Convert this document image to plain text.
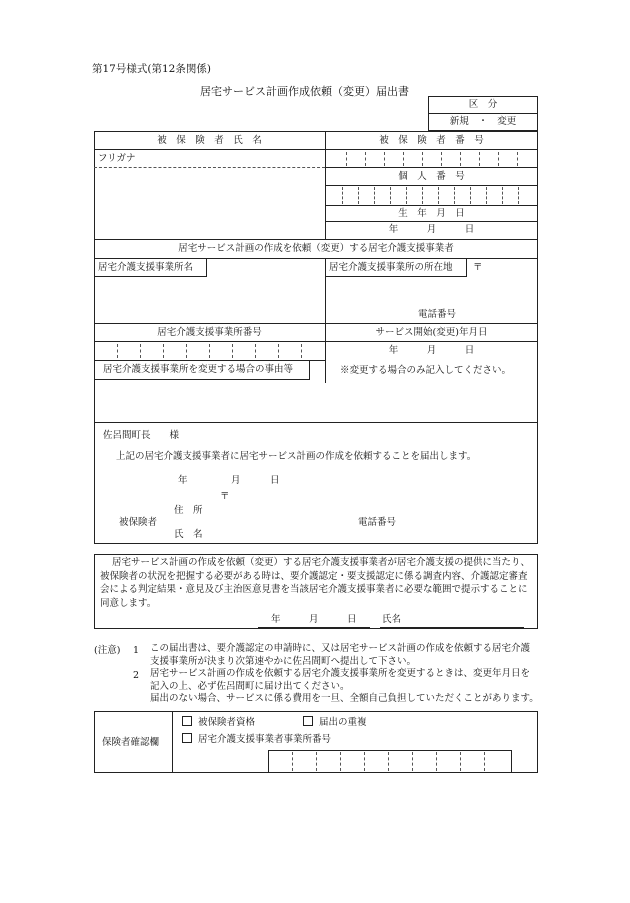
第17号様式(第12条関係)
居宅サービス計画作成依頼（変更）届出書
区　分
新規　・　変更
被　保　険　者　氏　名	被　保　険　者　番　号
フリガナ
個　人　番　号
生　年　月　日
年　　　月　　　日
居宅サービス計画の作成を依頼（変更）する居宅介護支援事業者
居宅介護支援事業所名	居宅介護支援事業所の所在地 〒
電話番号
居宅介護支援事業所番号	サービス開始(変更)年月日
年　　　月　　　日
居宅介護支援事業所を変更する場合の事由等	※変更する場合のみ記入してください。
佐呂間町長　　様
上記の居宅介護支援事業者に居宅サービス計画の作成を依頼することを届出します。
年	月	日
〒
住　所
被保険者	電話番号
氏　名
居宅サービス計画の作成を依頼（変更）する居宅介護支援事業者が居宅介護支援の提供に当たり、被保険者の状況を把握する必要がある時は、要介護認定・要支援認定に係る調査内容、介護認定審査会による判定結果・意見及び主治医意見書を当該居宅介護支援事業者に必要な範囲で提示することに同意します。
年　　　月　　　日	氏名
(注意) 1 この届出書は、要介護認定の申請時に、又は居宅サービス計画の作成を依頼する居宅介護支援事業所が決まり次第速やかに佐呂間町へ提出して下さい。
2 居宅サービス計画の作成を依頼する居宅介護支援事業所を変更するときは、変更年月日を記入の上、必ず佐呂間町に届け出てください。
届出のない場合、サービスに係る費用を一旦、全額自己負担していただくことがあります。
保険者確認欄
被保険者資格	届出の重複
居宅介護支援事業者事業所番号
